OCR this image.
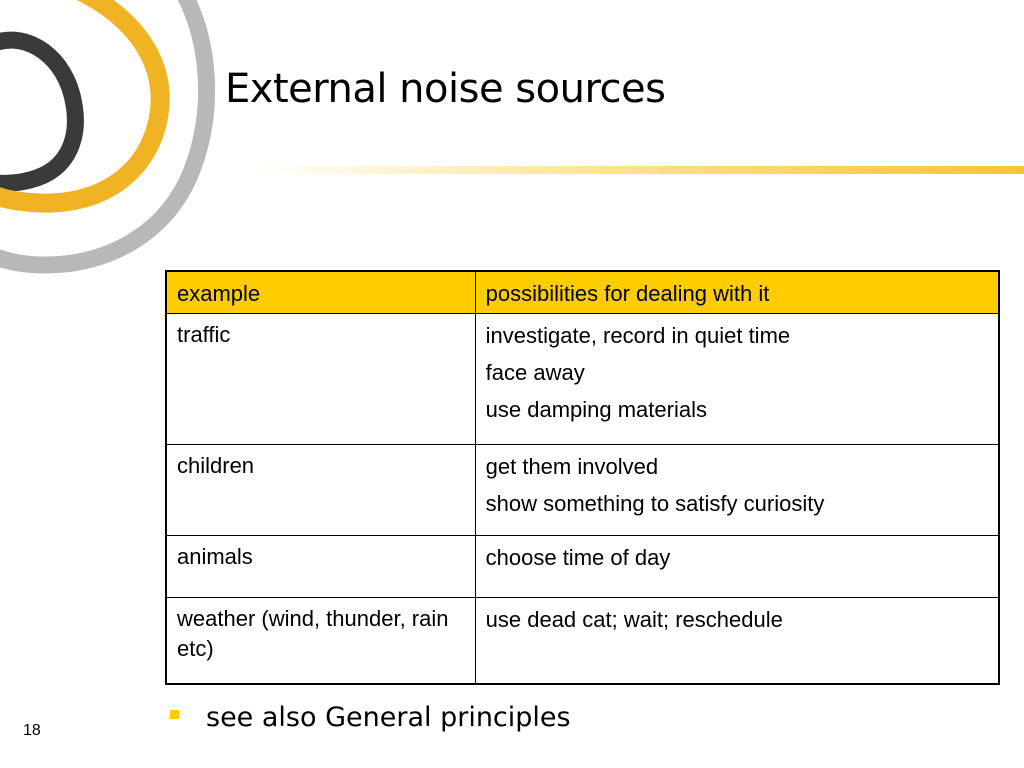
External noise sources
example	possibilities for dealing with it
traffic	investigate, record in quiet time
face away
use damping materials

children	get them involved
show something to satisfy curiosity

animals	choose time of day

weather (wind, thunder, rain etc)	use dead cat; wait; reschedule
see also General principles
18
